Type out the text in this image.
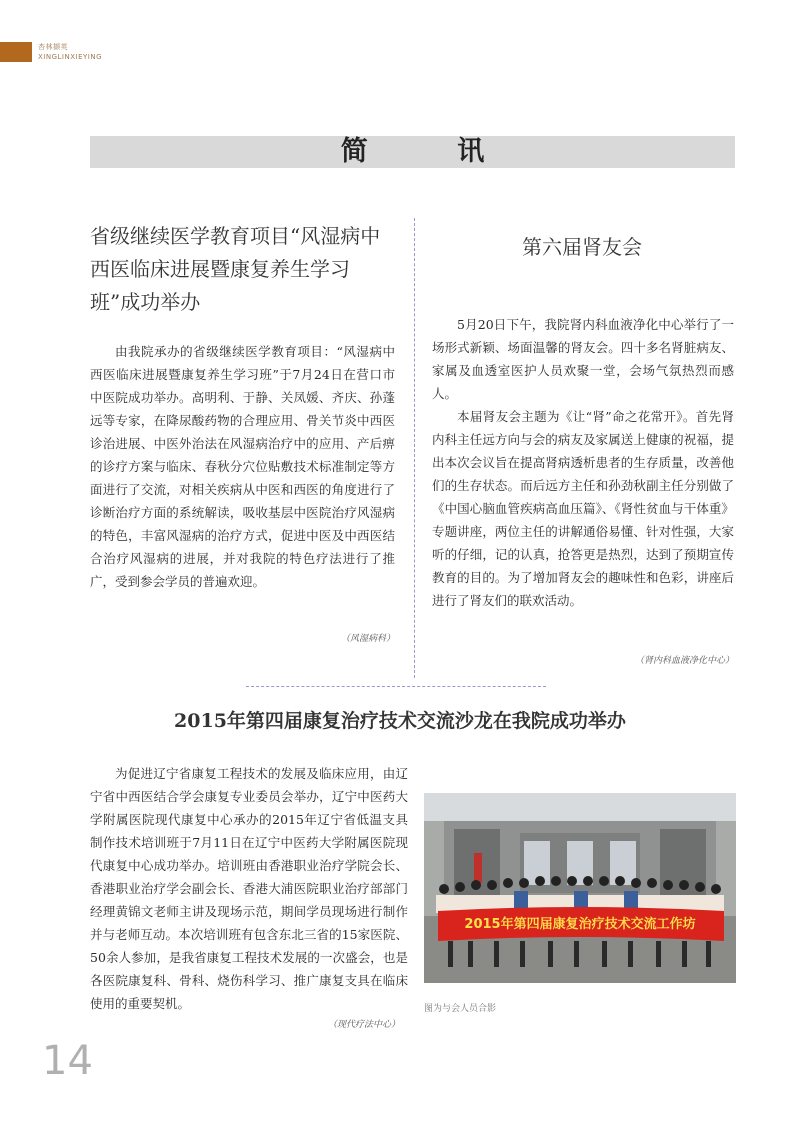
杏林撷英
XINGLINXIEYING
简 讯
省级继续医学教育项目“风湿病中西医临床进展暨康复养生学习班”成功举办

由我院承办的省级继续医学教育项目：“风湿病中西医临床进展暨康复养生学习班”于7月24日在营口市中医院成功举办。高明利、于静、关凤媛、齐庆、孙蓬远等专家，在降尿酸药物的合理应用、骨关节炎中西医诊治进展、中医外治法在风湿病治疗中的应用、产后痹的诊疗方案与临床、春秋分穴位贴敷技术标准制定等方面进行了交流，对相关疾病从中医和西医的角度进行了诊断治疗方面的系统解读，吸收基层中医院治疗风湿病的特色，丰富风湿病的治疗方式，促进中医及中西医结合治疗风湿病的进展，并对我院的特色疗法进行了推广，受到参会学员的普遍欢迎。

（风湿病科）
第六届肾友会

5月20日下午，我院肾内科血液净化中心举行了一场形式新颖、场面温馨的肾友会。四十多名肾脏病友、家属及血透室医护人员欢聚一堂，会场气氛热烈而感人。

本届肾友会主题为《让“肾”命之花常开》。首先肾内科主任远方向与会的病友及家属送上健康的祝福，提出本次会议旨在提高肾病透析患者的生存质量，改善他们的生存状态。而后远方主任和孙劲秋副主任分别做了《中国心脑血管疾病高血压篇》、《肾性贫血与干体重》专题讲座，两位主任的讲解通俗易懂、针对性强，大家听的仔细，记的认真，抢答更是热烈，达到了预期宣传教育的目的。为了增加肾友会的趣味性和色彩，讲座后进行了肾友们的联欢活动。

（肾内科血液净化中心）
2015年第四届康复治疗技术交流沙龙在我院成功举办

为促进辽宁省康复工程技术的发展及临床应用，由辽宁省中西医结合学会康复专业委员会举办，辽宁中医药大学附属医院现代康复中心承办的2015年辽宁省低温支具制作技术培训班于7月11日在辽宁中医药大学附属医院现代康复中心成功举办。培训班由香港职业治疗学院会长、香港职业治疗学会副会长、香港大浦医院职业治疗部部门经理黄锦文老师主讲及现场示范，期间学员现场进行制作并与老师互动。本次培训班有包含东北三省的15家医院、50余人参加，是我省康复工程技术发展的一次盛会，也是各医院康复科、骨科、烧伤科学习、推广康复支具在临床使用的重要契机。

（现代疗法中心）
2015年第四届康复治疗技术交流工作坊
图为与会人员合影
14
